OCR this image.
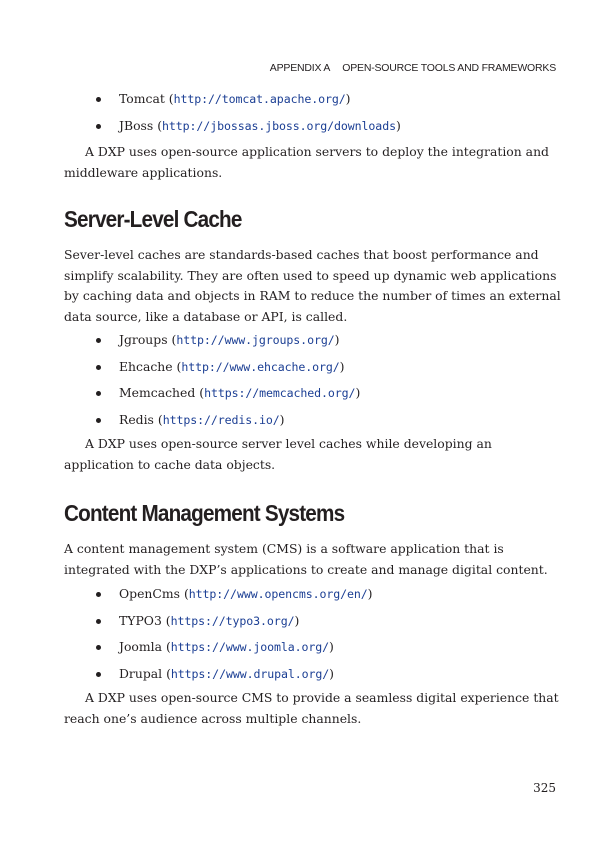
APPENDIX A OPEN-SOURCE TOOLS AND FRAMEWORKS
Tomcat (http://tomcat.apache.org/)
JBoss (http://jbossas.jboss.org/downloads)

A DXP uses open-source application servers to deploy the integration and middleware applications.

Server-Level Cache

Sever-level caches are standards-based caches that boost performance and simplify scalability. They are often used to speed up dynamic web applications by caching data and objects in RAM to reduce the number of times an external data source, like a database or API, is called.

Jgroups (http://www.jgroups.org/)
Ehcache (http://www.ehcache.org/)
Memcached (https://memcached.org/)
Redis (https://redis.io/)

A DXP uses open-source server level caches while developing an application to cache data objects.

Content Management Systems

A content management system (CMS) is a software application that is integrated with the DXP’s applications to create and manage digital content.

OpenCms (http://www.opencms.org/en/)
TYPO3 (https://typo3.org/)
Joomla (https://www.joomla.org/)
Drupal (https://www.drupal.org/)

A DXP uses open-source CMS to provide a seamless digital experience that reach one’s audience across multiple channels.

325
